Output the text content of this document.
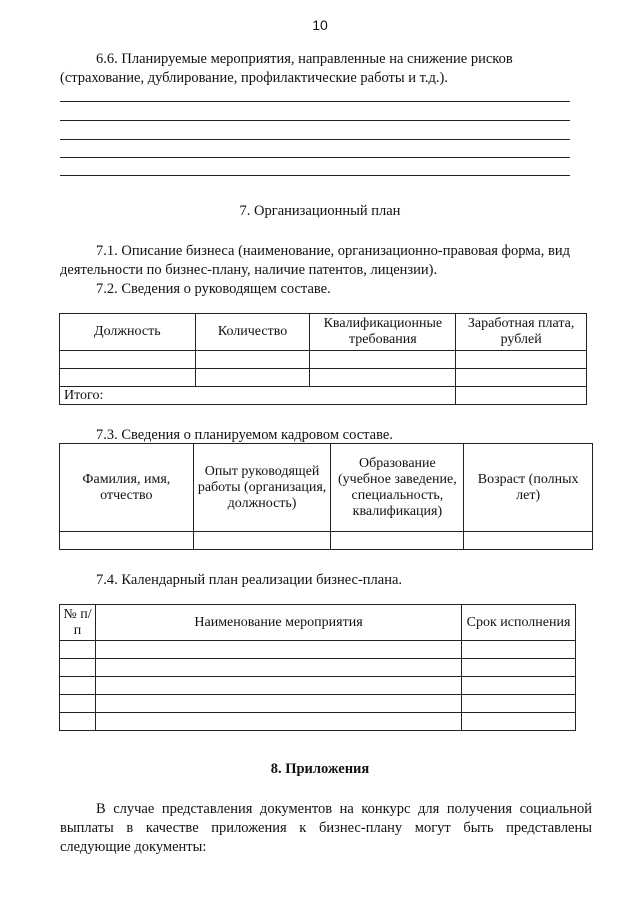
10
6.6. Планируемые мероприятия, направленные на снижение рисков
(страхование, дублирование, профилактические работы и т.д.).
7. Организационный план
7.1. Описание бизнеса (наименование, организационно-правовая форма, вид
деятельности по бизнес-плану, наличие патентов, лицензии).
7.2. Сведения о руководящем составе.
Должность	Количество	Квалификационные требования	Заработная плата, рублей

Итого:			
7.3. Сведения о планируемом кадровом составе.
Фамилия, имя, отчество	Опыт руководящей работы (организация, должность)	Образование (учебное заведение, специальность, квалификация)	Возраст (полных лет)

7.4. Календарный план реализации бизнес-плана.
№ п/п	Наименование мероприятия	Срок исполнения

8. Приложения
В случае представления документов на конкурс для получения социальной
выплаты в качестве приложения к бизнес-плану могут быть представлены
следующие документы:
